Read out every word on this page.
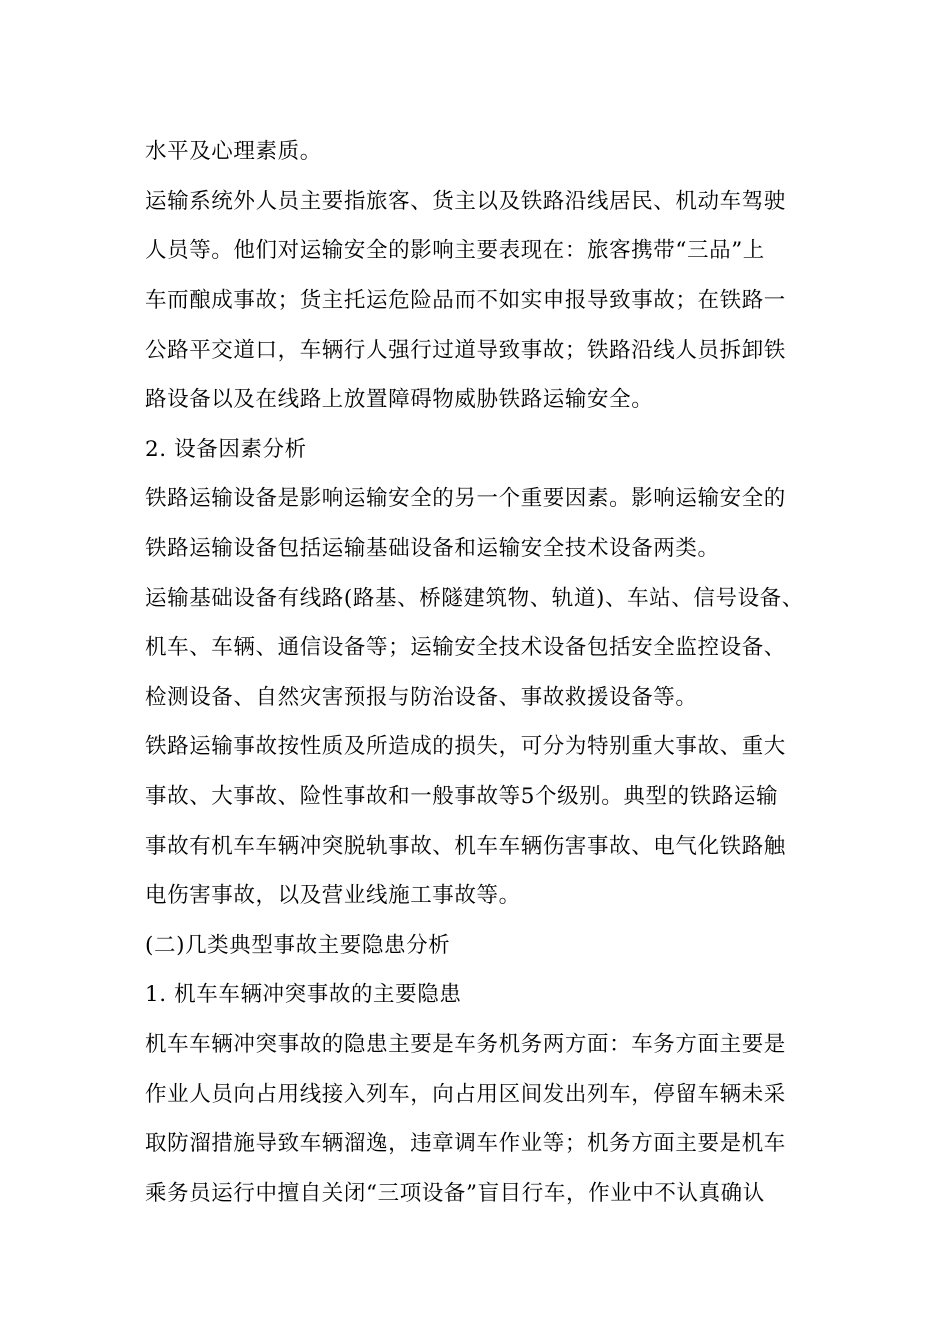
水平及心理素质。
运输系统外人员主要指旅客、货主以及铁路沿线居民、机动车驾驶
人员等。他们对运输安全的影响主要表现在：旅客携带“三品”上
车而酿成事故；货主托运危险品而不如实申报导致事故；在铁路一
公路平交道口，车辆行人强行过道导致事故；铁路沿线人员拆卸铁
路设备以及在线路上放置障碍物威胁铁路运输安全。
2. 设备因素分析
铁路运输设备是影响运输安全的另一个重要因素。影响运输安全的
铁路运输设备包括运输基础设备和运输安全技术设备两类。
运输基础设备有线路(路基、桥隧建筑物、轨道)、车站、信号设备、
机车、车辆、通信设备等；运输安全技术设备包括安全监控设备、
检测设备、自然灾害预报与防治设备、事故救援设备等。
铁路运输事故按性质及所造成的损失，可分为特别重大事故、重大
事故、大事故、险性事故和一般事故等5个级别。典型的铁路运输
事故有机车车辆冲突脱轨事故、机车车辆伤害事故、电气化铁路触
电伤害事故，以及营业线施工事故等。
(二)几类典型事故主要隐患分析
1. 机车车辆冲突事故的主要隐患
机车车辆冲突事故的隐患主要是车务机务两方面：车务方面主要是
作业人员向占用线接入列车，向占用区间发出列车，停留车辆未采
取防溜措施导致车辆溜逸，违章调车作业等；机务方面主要是机车
乘务员运行中擅自关闭“三项设备”盲目行车，作业中不认真确认
